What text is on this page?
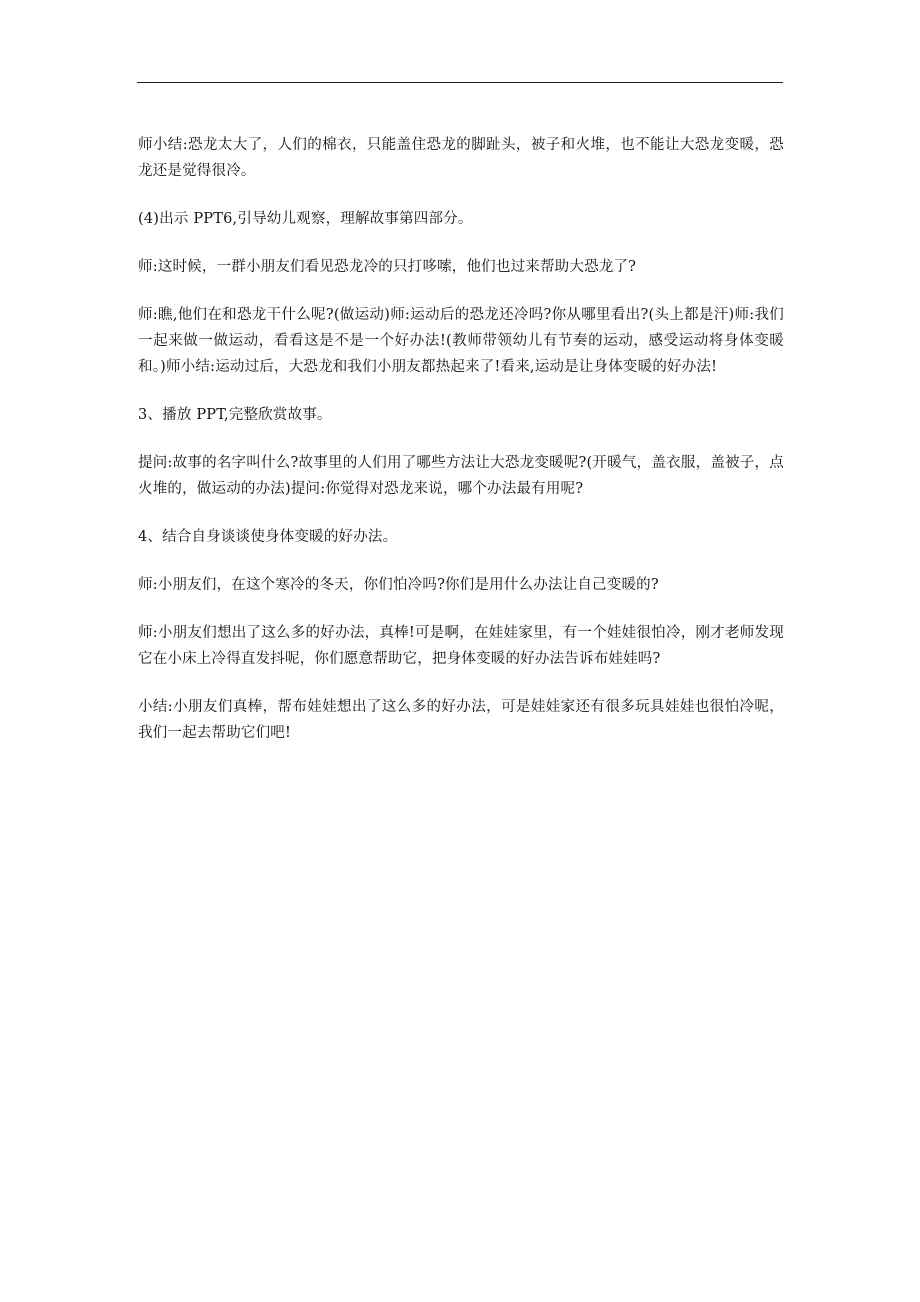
师小结:恐龙太大了，人们的棉衣，只能盖住恐龙的脚趾头，被子和火堆，也不能让大恐龙变暖，恐龙还是觉得很冷。

(4)出示 PPT6,引导幼儿观察，理解故事第四部分。

师:这时候，一群小朋友们看见恐龙冷的只打哆嗦，他们也过来帮助大恐龙了?

师:瞧,他们在和恐龙干什么呢?(做运动)师:运动后的恐龙还冷吗?你从哪里看出?(头上都是汗)师:我们一起来做一做运动，看看这是不是一个好办法!(教师带领幼儿有节奏的运动，感受运动将身体变暖和。)师小结:运动过后，大恐龙和我们小朋友都热起来了!看来,运动是让身体变暖的好办法!

3、播放 PPT,完整欣赏故事。

提问:故事的名字叫什么?故事里的人们用了哪些方法让大恐龙变暖呢?(开暖气，盖衣服，盖被子，点火堆的，做运动的办法)提问:你觉得对恐龙来说，哪个办法最有用呢?

4、结合自身谈谈使身体变暖的好办法。

师:小朋友们，在这个寒冷的冬天，你们怕冷吗?你们是用什么办法让自己变暖的?

师:小朋友们想出了这么多的好办法，真棒!可是啊，在娃娃家里，有一个娃娃很怕冷，刚才老师发现它在小床上冷得直发抖呢，你们愿意帮助它，把身体变暖的好办法告诉布娃娃吗?

小结:小朋友们真棒，帮布娃娃想出了这么多的好办法，可是娃娃家还有很多玩具娃娃也很怕冷呢，我们一起去帮助它们吧!
